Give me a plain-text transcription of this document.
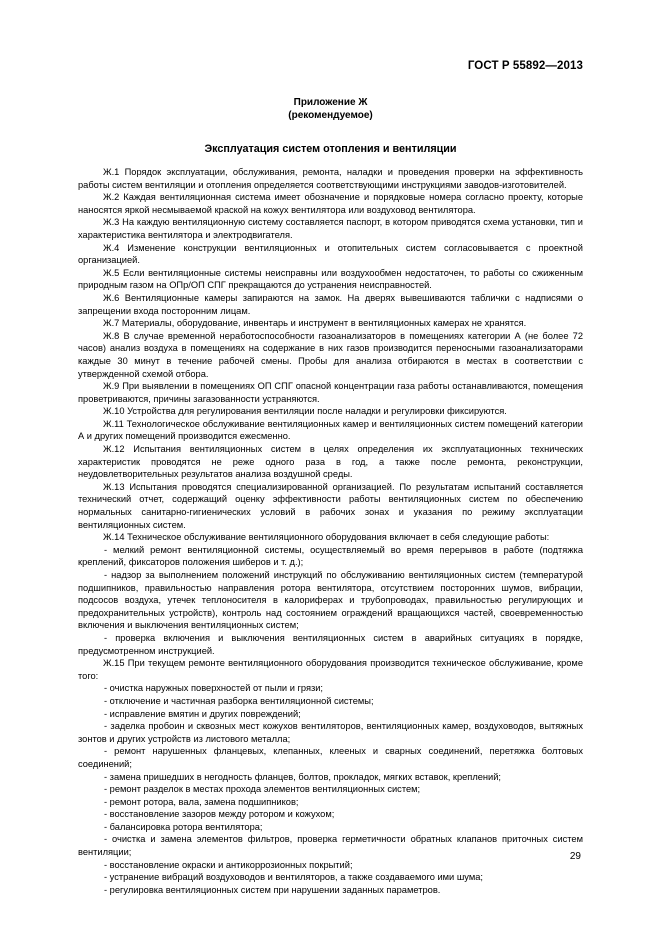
ГОСТ Р 55892—2013
Приложение Ж
(рекомендуемое)
Эксплуатация систем отопления и вентиляции

Ж.1 Порядок эксплуатации, обслуживания, ремонта, наладки и проведения проверки на эффективность работы систем вентиляции и отопления определяется соответствующими инструкциями заводов-изготовителей.

Ж.2 Каждая вентиляционная система имеет обозначение и порядковые номера согласно проекту, которые наносятся яркой несмываемой краской на кожух вентилятора или воздуховод вентилятора.

Ж.3 На каждую вентиляционную систему составляется паспорт, в котором приводятся схема установки, тип и характеристика вентилятора и электродвигателя.

Ж.4 Изменение конструкции вентиляционных и отопительных систем согласовывается с проектной организацией.

Ж.5 Если вентиляционные системы неисправны или воздухообмен недостаточен, то работы со сжиженным природным газом на ОПр/ОП СПГ прекращаются до устранения неисправностей.

Ж.6 Вентиляционные камеры запираются на замок. На дверях вывешиваются таблички с надписями о запрещении входа посторонним лицам.

Ж.7 Материалы, оборудование, инвентарь и инструмент в вентиляционных камерах не хранятся.

Ж.8 В случае временной неработоспособности газоанализаторов в помещениях категории А (не более 72 часов) анализ воздуха в помещениях на содержание в них газов производится переносными газоанализаторами каждые 30 минут в течение рабочей смены. Пробы для анализа отбираются в местах в соответствии с утвержденной схемой отбора.

Ж.9 При выявлении в помещениях ОП СПГ опасной концентрации газа работы останавливаются, помещения проветриваются, причины загазованности устраняются.

Ж.10 Устройства для регулирования вентиляции после наладки и регулировки фиксируются.

Ж.11 Технологическое обслуживание вентиляционных камер и вентиляционных систем помещений категории А и других помещений производится ежесменно.

Ж.12 Испытания вентиляционных систем в целях определения их эксплуатационных технических характеристик проводятся не реже одного раза в год, а также после ремонта, реконструкции, неудовлетворительных результатов анализа воздушной среды.

Ж.13 Испытания проводятся специализированной организацией. По результатам испытаний составляется технический отчет, содержащий оценку эффективности работы вентиляционных систем по обеспечению нормальных санитарно-гигиенических условий в рабочих зонах и указания по режиму эксплуатации вентиляционных систем.

Ж.14 Техническое обслуживание вентиляционного оборудования включает в себя следующие работы:

- мелкий ремонт вентиляционной системы, осуществляемый во время перерывов в работе (подтяжка креплений, фиксаторов положения шиберов и т. д.);

- надзор за выполнением положений инструкций по обслуживанию вентиляционных систем (температурой подшипников, правильностью направления ротора вентилятора, отсутствием посторонних шумов, вибрации, подсосов воздуха, утечек теплоносителя в калориферах и трубопроводах, правильностью регулирующих и предохранительных устройств), контроль над состоянием ограждений вращающихся частей, своевременностью включения и выключения вентиляционных систем;

- проверка включения и выключения вентиляционных систем в аварийных ситуациях в порядке, предусмотренном инструкцией.

Ж.15 При текущем ремонте вентиляционного оборудования производится техническое обслуживание, кроме того:

- очистка наружных поверхностей от пыли и грязи;

- отключение и частичная разборка вентиляционной системы;

- исправление вмятин и других повреждений;

- заделка пробоин и сквозных мест кожухов вентиляторов, вентиляционных камер, воздуховодов, вытяжных зонтов и других устройств из листового металла;

- ремонт нарушенных фланцевых, клепанных, клееных и сварных соединений, перетяжка болтовых соединений;

- замена пришедших в негодность фланцев, болтов, прокладок, мягких вставок, креплений;

- ремонт разделок в местах прохода элементов вентиляционных систем;

- ремонт ротора, вала, замена подшипников;

- восстановление зазоров между ротором и кожухом;

- балансировка ротора вентилятора;

- очистка и замена элементов фильтров, проверка герметичности обратных клапанов приточных систем вентиляции;

- восстановление окраски и антикоррозионных покрытий;

- устранение вибраций воздуховодов и вентиляторов, а также создаваемого ими шума;

- регулировка вентиляционных систем при нарушении заданных параметров.

29
